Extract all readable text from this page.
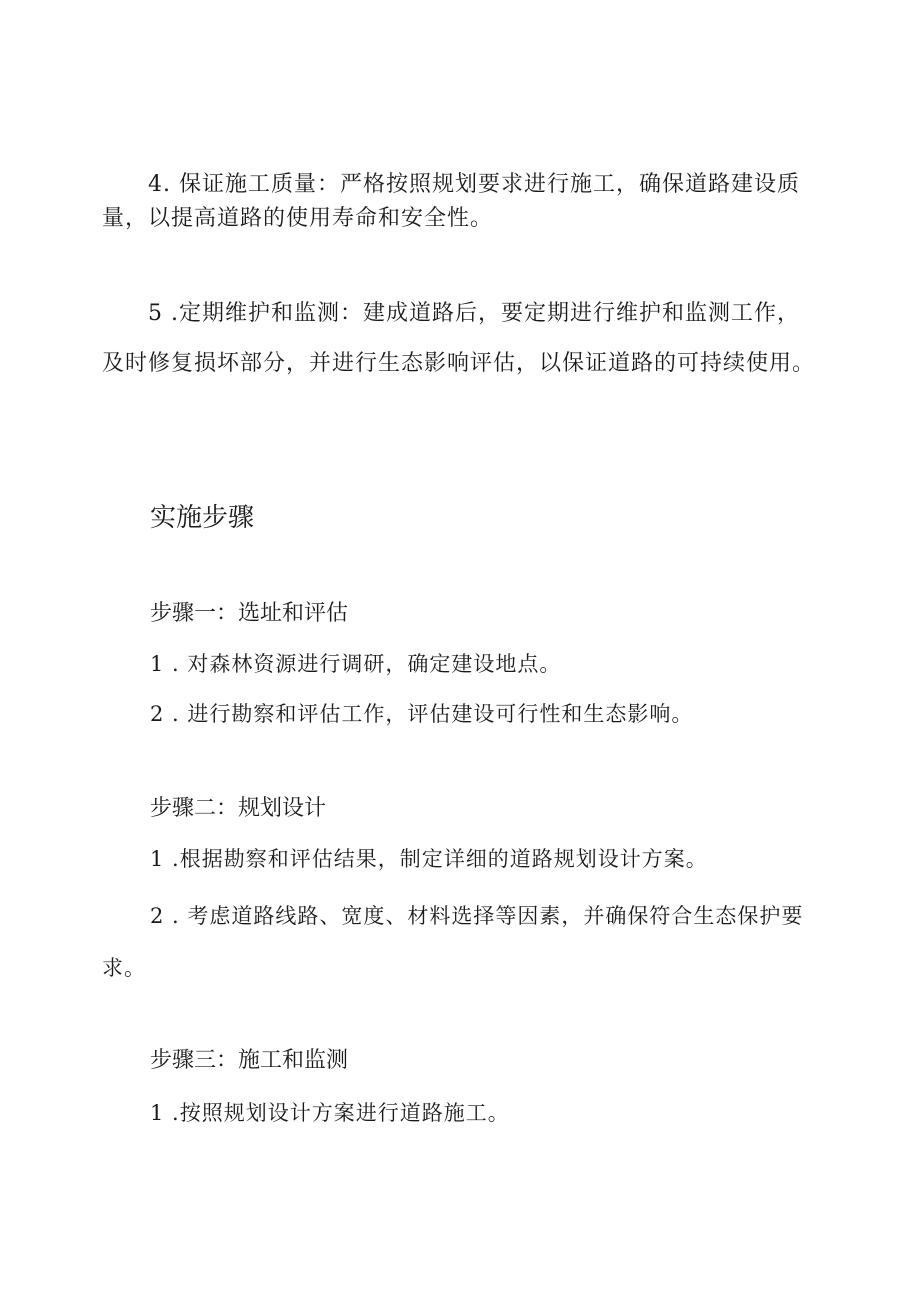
4. 保证施工质量：严格按照规划要求进行施工，确保道路建设质量，以提高道路的使用寿命和安全性。

5 .定期维护和监测：建成道路后，要定期进行维护和监测工作，及时修复损坏部分，并进行生态影响评估，以保证道路的可持续使用。

实施步骤
步骤一：选址和评估

1 . 对森林资源进行调研，确定建设地点。

2 . 进行勘察和评估工作，评估建设可行性和生态影响。

步骤二：规划设计

1 .根据勘察和评估结果，制定详细的道路规划设计方案。

2 . 考虑道路线路、宽度、材料选择等因素，并确保符合生态保护要求。

步骤三：施工和监测

1 .按照规划设计方案进行道路施工。
